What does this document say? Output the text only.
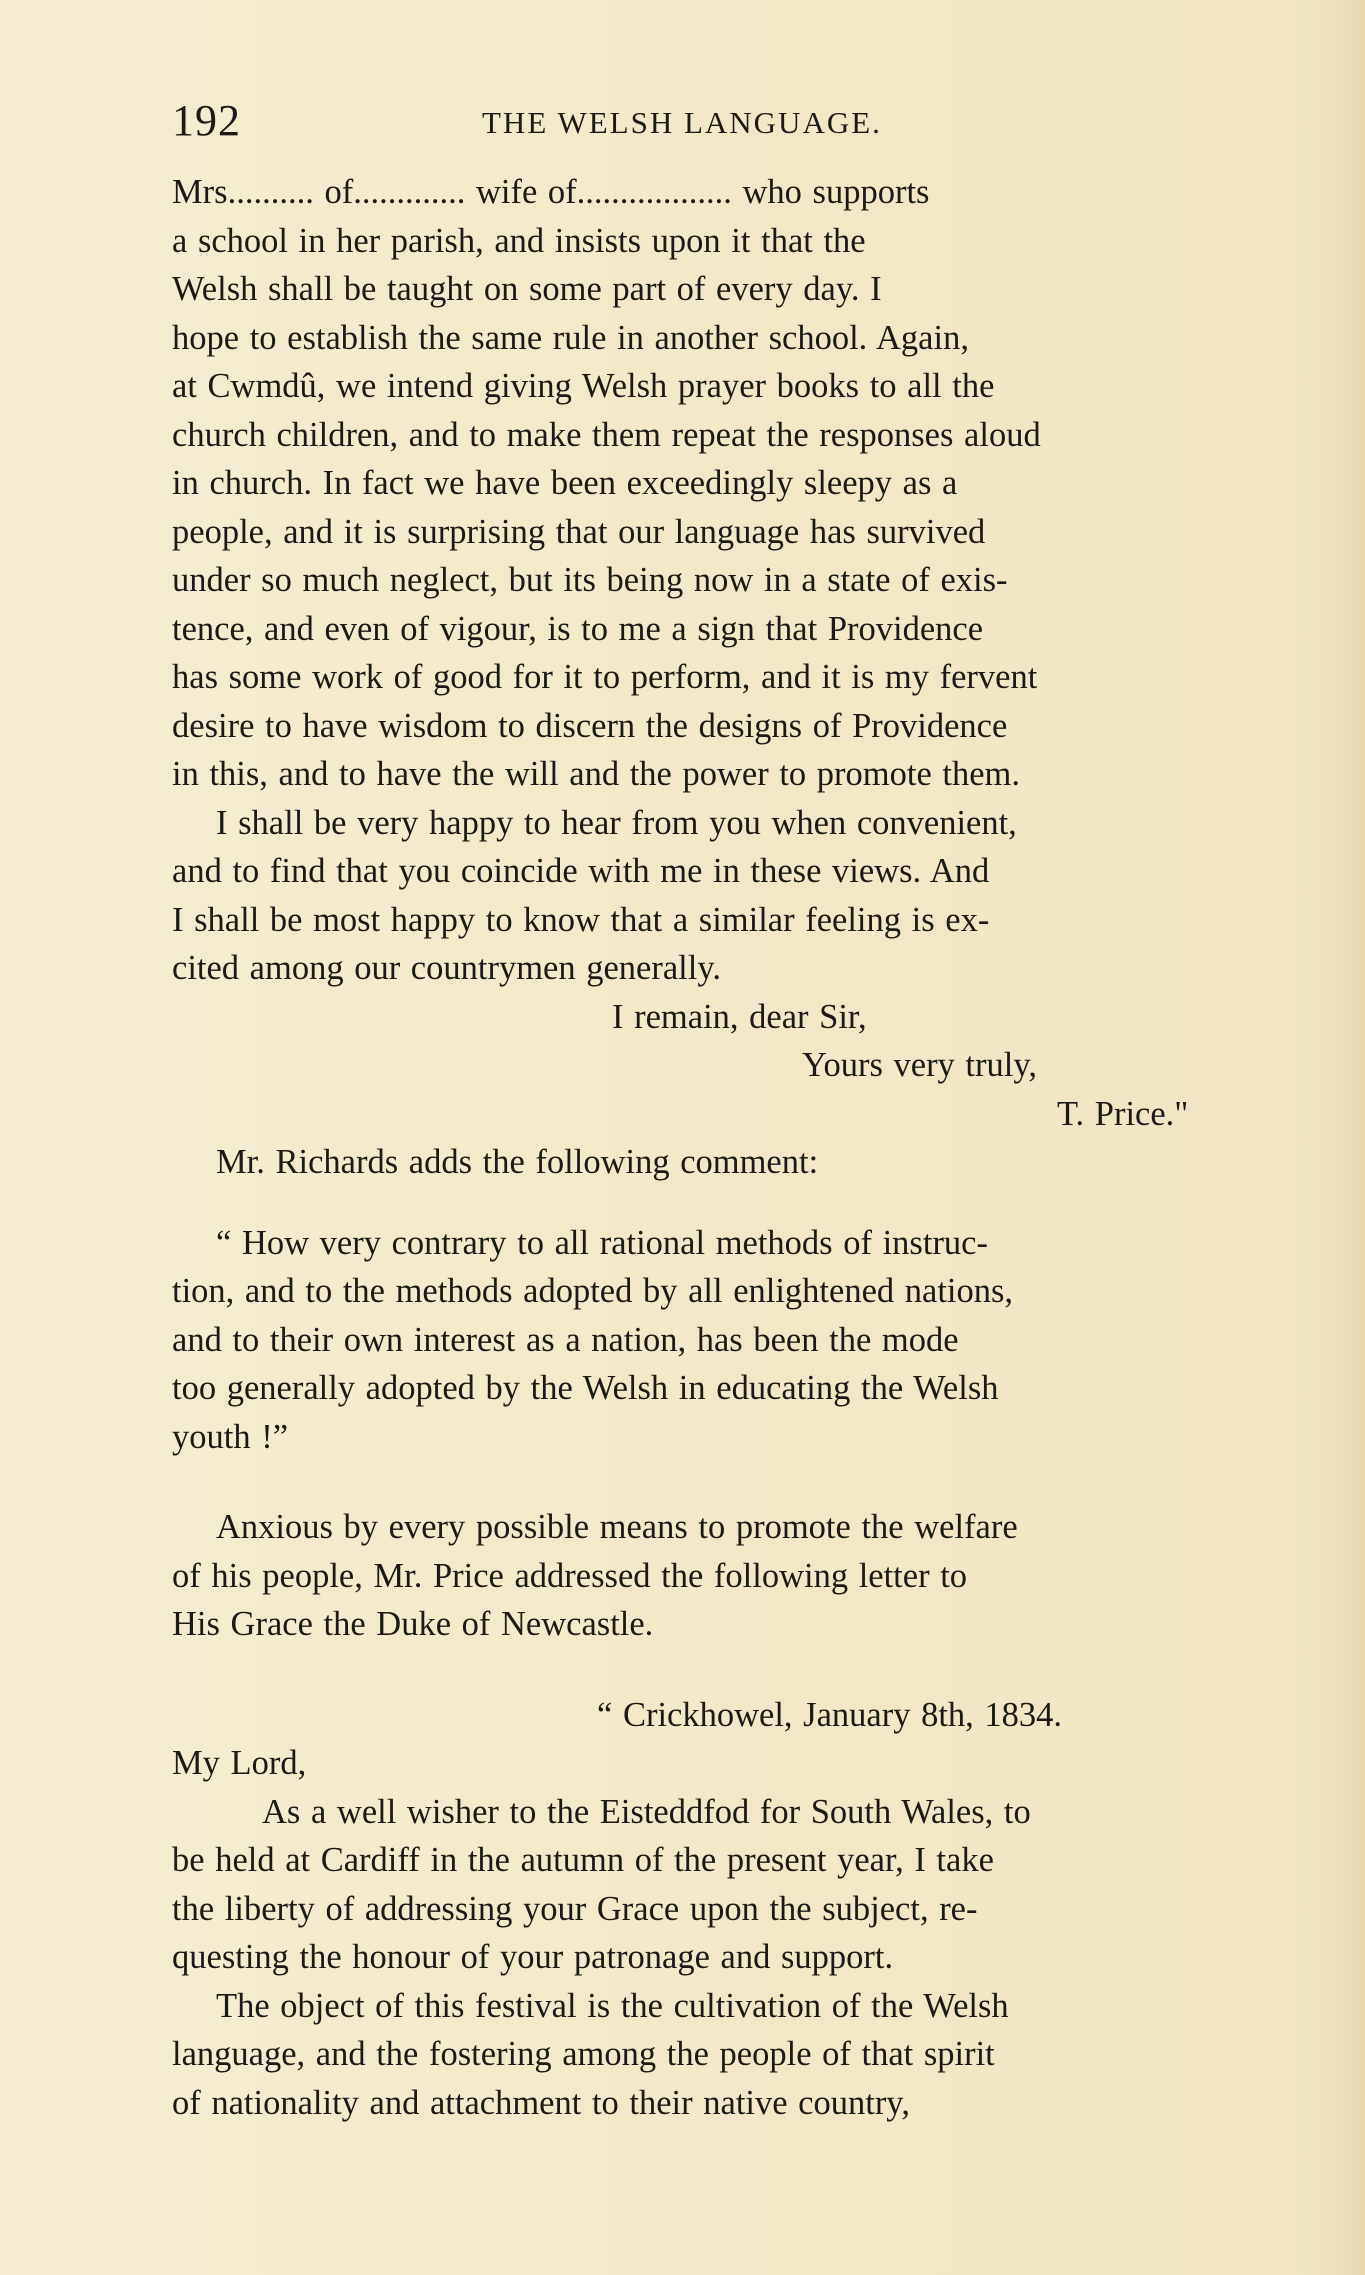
192	THE WELSH LANGUAGE.
Mrs.......... of............. wife of.................. who supports
a school in her parish, and insists upon it that the
Welsh shall be taught on some part of every day. I
hope to establish the same rule in another school. Again,
at Cwmdû, we intend giving Welsh prayer books to all the
church children, and to make them repeat the responses aloud
in church. In fact we have been exceedingly sleepy as a
people, and it is surprising that our language has survived
under so much neglect, but its being now in a state of exis-
tence, and even of vigour, is to me a sign that Providence
has some work of good for it to perform, and it is my fervent
desire to have wisdom to discern the designs of Providence
in this, and to have the will and the power to promote them.
I shall be very happy to hear from you when convenient,
and to find that you coincide with me in these views. And
I shall be most happy to know that a similar feeling is ex-
cited among our countrymen generally.
I remain, dear Sir,
Yours very truly,
T. Price."
Mr. Richards adds the following comment:
“ How very contrary to all rational methods of instruc-
tion, and to the methods adopted by all enlightened nations,
and to their own interest as a nation, has been the mode
too generally adopted by the Welsh in educating the Welsh
youth !”
Anxious by every possible means to promote the welfare
of his people, Mr. Price addressed the following letter to
His Grace the Duke of Newcastle.
“ Crickhowel, January 8th, 1834.
My Lord,
As a well wisher to the Eisteddfod for South Wales, to
be held at Cardiff in the autumn of the present year, I take
the liberty of addressing your Grace upon the subject, re-
questing the honour of your patronage and support.
The object of this festival is the cultivation of the Welsh
language, and the fostering among the people of that spirit
of nationality and attachment to their native country,
